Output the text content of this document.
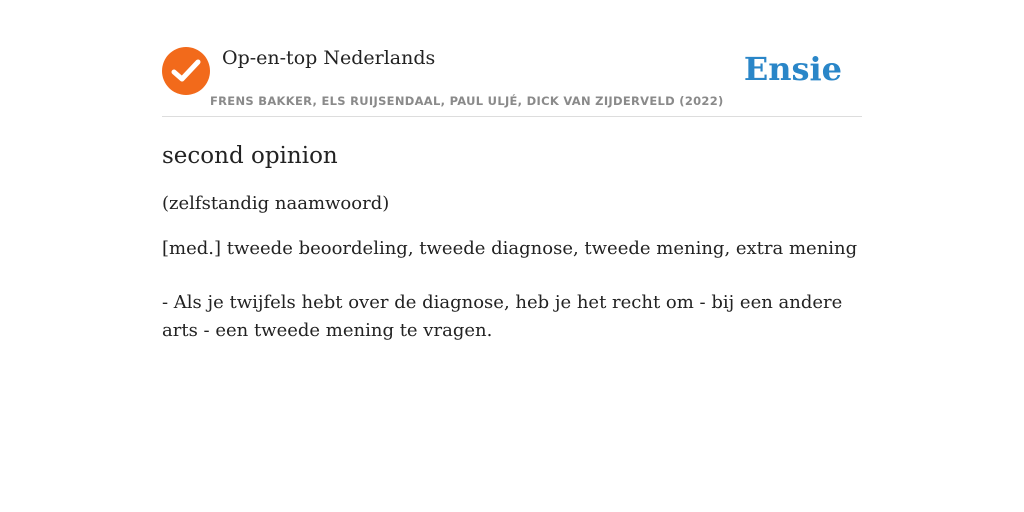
Op-en-top Nederlands
FRENS BAKKER, ELS RUIJSENDAAL, PAUL ULJÉ, DICK VAN ZIJDERVELD (2022)
Ensie
second opinion
(zelfstandig naamwoord)
[med.] tweede beoordeling, tweede diagnose, tweede mening, extra mening
- Als je twijfels hebt over de diagnose, heb je het recht om - bij een andere arts - een tweede mening te vragen.
